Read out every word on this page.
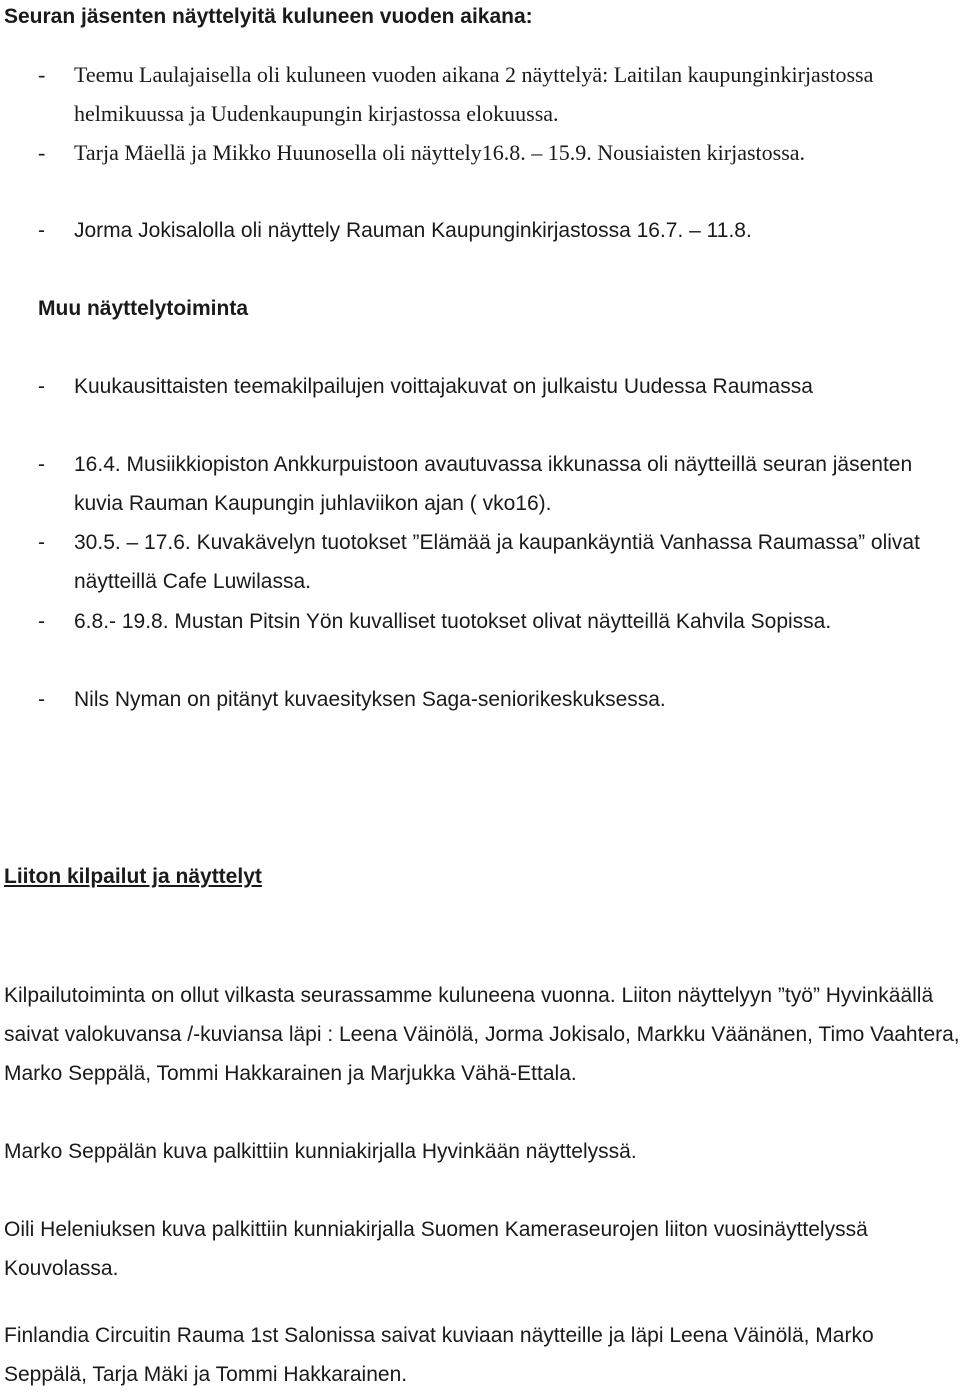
Seuran jäsenten näyttelyitä kuluneen vuoden aikana:
- Teemu Laulajaisella oli kuluneen vuoden aikana 2 näyttelyä: Laitilan kaupunginkirjastossa helmikuussa ja Uudenkaupungin kirjastossa elokuussa.
- Tarja Mäellä ja Mikko Huunosella oli näyttely16.8. – 15.9. Nousiaisten kirjastossa.
- Jorma Jokisalolla oli näyttely Rauman Kaupunginkirjastossa 16.7. – 11.8.
Muu näyttelytoiminta
- Kuukausittaisten teemakilpailujen voittajakuvat on julkaistu Uudessa Raumassa
- 16.4. Musiikkiopiston Ankkurpuistoon avautuvassa ikkunassa oli näytteillä seuran jäsenten kuvia Rauman Kaupungin juhlaviikon ajan ( vko16).
- 30.5. – 17.6. Kuvakävelyn tuotokset ”Elämää ja kaupankäyntiä Vanhassa Raumassa” olivat näytteillä Cafe Luwilassa.
- 6.8.- 19.8. Mustan Pitsin Yön kuvalliset tuotokset olivat näytteillä Kahvila Sopissa.
- Nils Nyman on pitänyt kuvaesityksen Saga-seniorikeskuksessa.
Liiton kilpailut ja näyttelyt
Kilpailutoiminta on ollut vilkasta seurassamme kuluneena vuonna. Liiton näyttelyyn ”työ” Hyvinkäällä saivat valokuvansa /-kuviansa läpi : Leena Väinölä, Jorma Jokisalo, Markku Väänänen, Timo Vaahtera, Marko Seppälä, Tommi Hakkarainen ja Marjukka Vähä-Ettala.
Marko Seppälän kuva palkittiin kunniakirjalla Hyvinkään näyttelyssä.
Oili Heleniuksen kuva palkittiin kunniakirjalla Suomen Kameraseurojen liiton vuosinäyttelyssä Kouvolassa.
Finlandia Circuitin Rauma 1st Salonissa saivat kuviaan näytteille ja läpi Leena Väinölä, Marko Seppälä, Tarja Mäki ja Tommi Hakkarainen.
